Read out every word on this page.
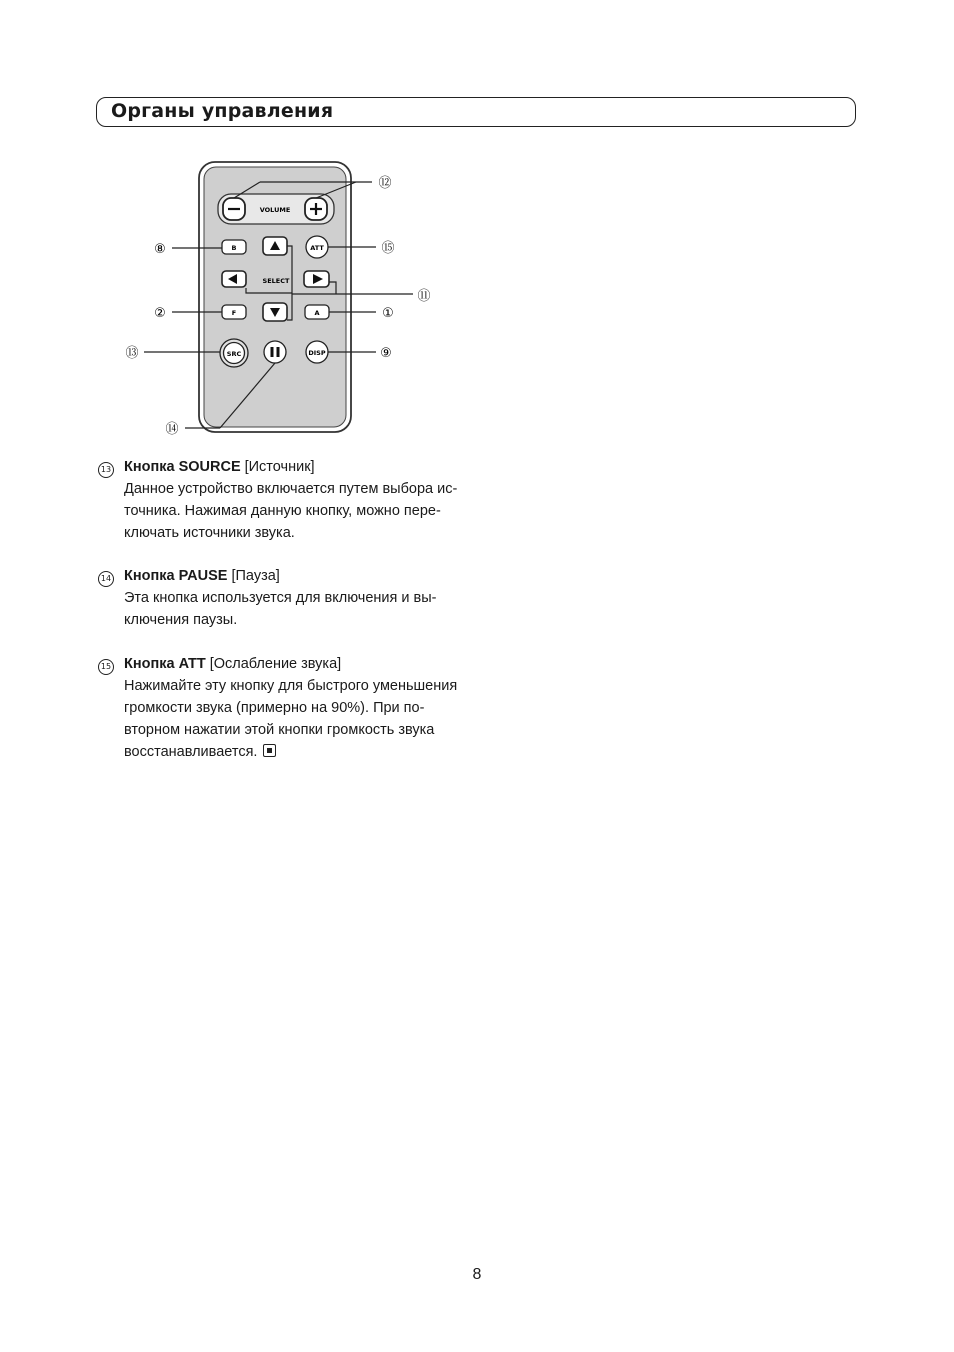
Органы управления
VOLUME
B	ATT
SELECT
F	A
SRC	DISP
⑫
⑧	⑮
⑪
②	①
⑬	⑨
⑭
13 Кнопка SOURCE [Источник]
Данное устройство включается путем выбора ис-
точника. Нажимая данную кнопку, можно пере-
ключать источники звука.
14 Кнопка PAUSE [Пауза]
Эта кнопка используется для включения и вы-
ключения паузы.
15 Кнопка ATT [Ослабление звука]
Нажимайте эту кнопку для быстрого уменьшения
громкости звука (примерно на 90%). При по-
вторном нажатии этой кнопки громкость звука
восстанавливается.
8
